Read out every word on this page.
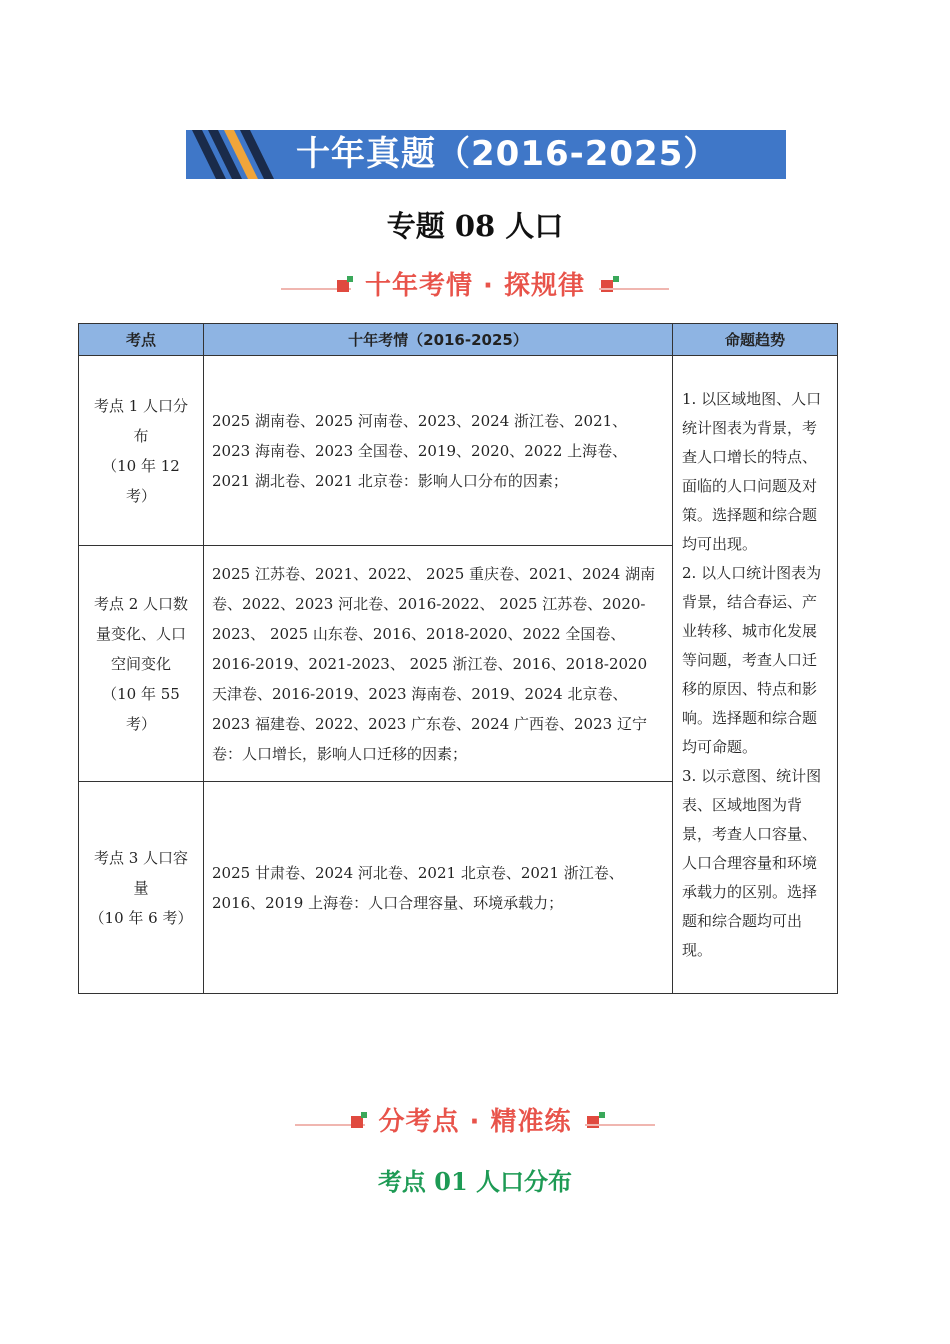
十年真题（2016-2025）
专题 08 人口
十年考情 · 探规律
考点	十年考情（2016-2025）	命题趋势

考点 1 人口分布
（10 年 12 考）	2025 湖南卷、2025 河南卷、2023、2024 浙江卷、2021、2023 海南卷、2023 全国卷、2019、2020、2022 上海卷、2021 湖北卷、2021 北京卷：影响人口分布的因素；	1. 以区域地图、人口统计图表为背景，考查人口增长的特点、面临的人口问题及对策。选择题和综合题均可出现。
2. 以人口统计图表为背景，结合春运、产业转移、城市化发展等问题，考查人口迁移的原因、特点和影响。选择题和综合题均可命题。
3. 以示意图、统计图表、区域地图为背景，考查人口容量、人口合理容量和环境承载力的区别。选择题和综合题均可出现。

考点 2 人口数量变化、人口空间变化
（10 年 55 考）	2025 江苏卷、2021、2022、 2025 重庆卷、2021、2024 湖南卷、2022、2023 河北卷、2016-2022、 2025 江苏卷、2020-2023、 2025 山东卷、2016、2018-2020、2022 全国卷、2016-2019、2021-2023、 2025 浙江卷、2016、2018-2020 天津卷、2016-2019、2023 海南卷、2019、2024 北京卷、2023 福建卷、2022、2023 广东卷、2024 广西卷、2023 辽宁卷：人口增长，影响人口迁移的因素；	

考点 3 人口容量
（10 年 6 考）	2025 甘肃卷、2024 河北卷、2021 北京卷、2021 浙江卷、2016、2019 上海卷：人口合理容量、环境承载力；	
分考点 · 精准练
考点 01 人口分布
